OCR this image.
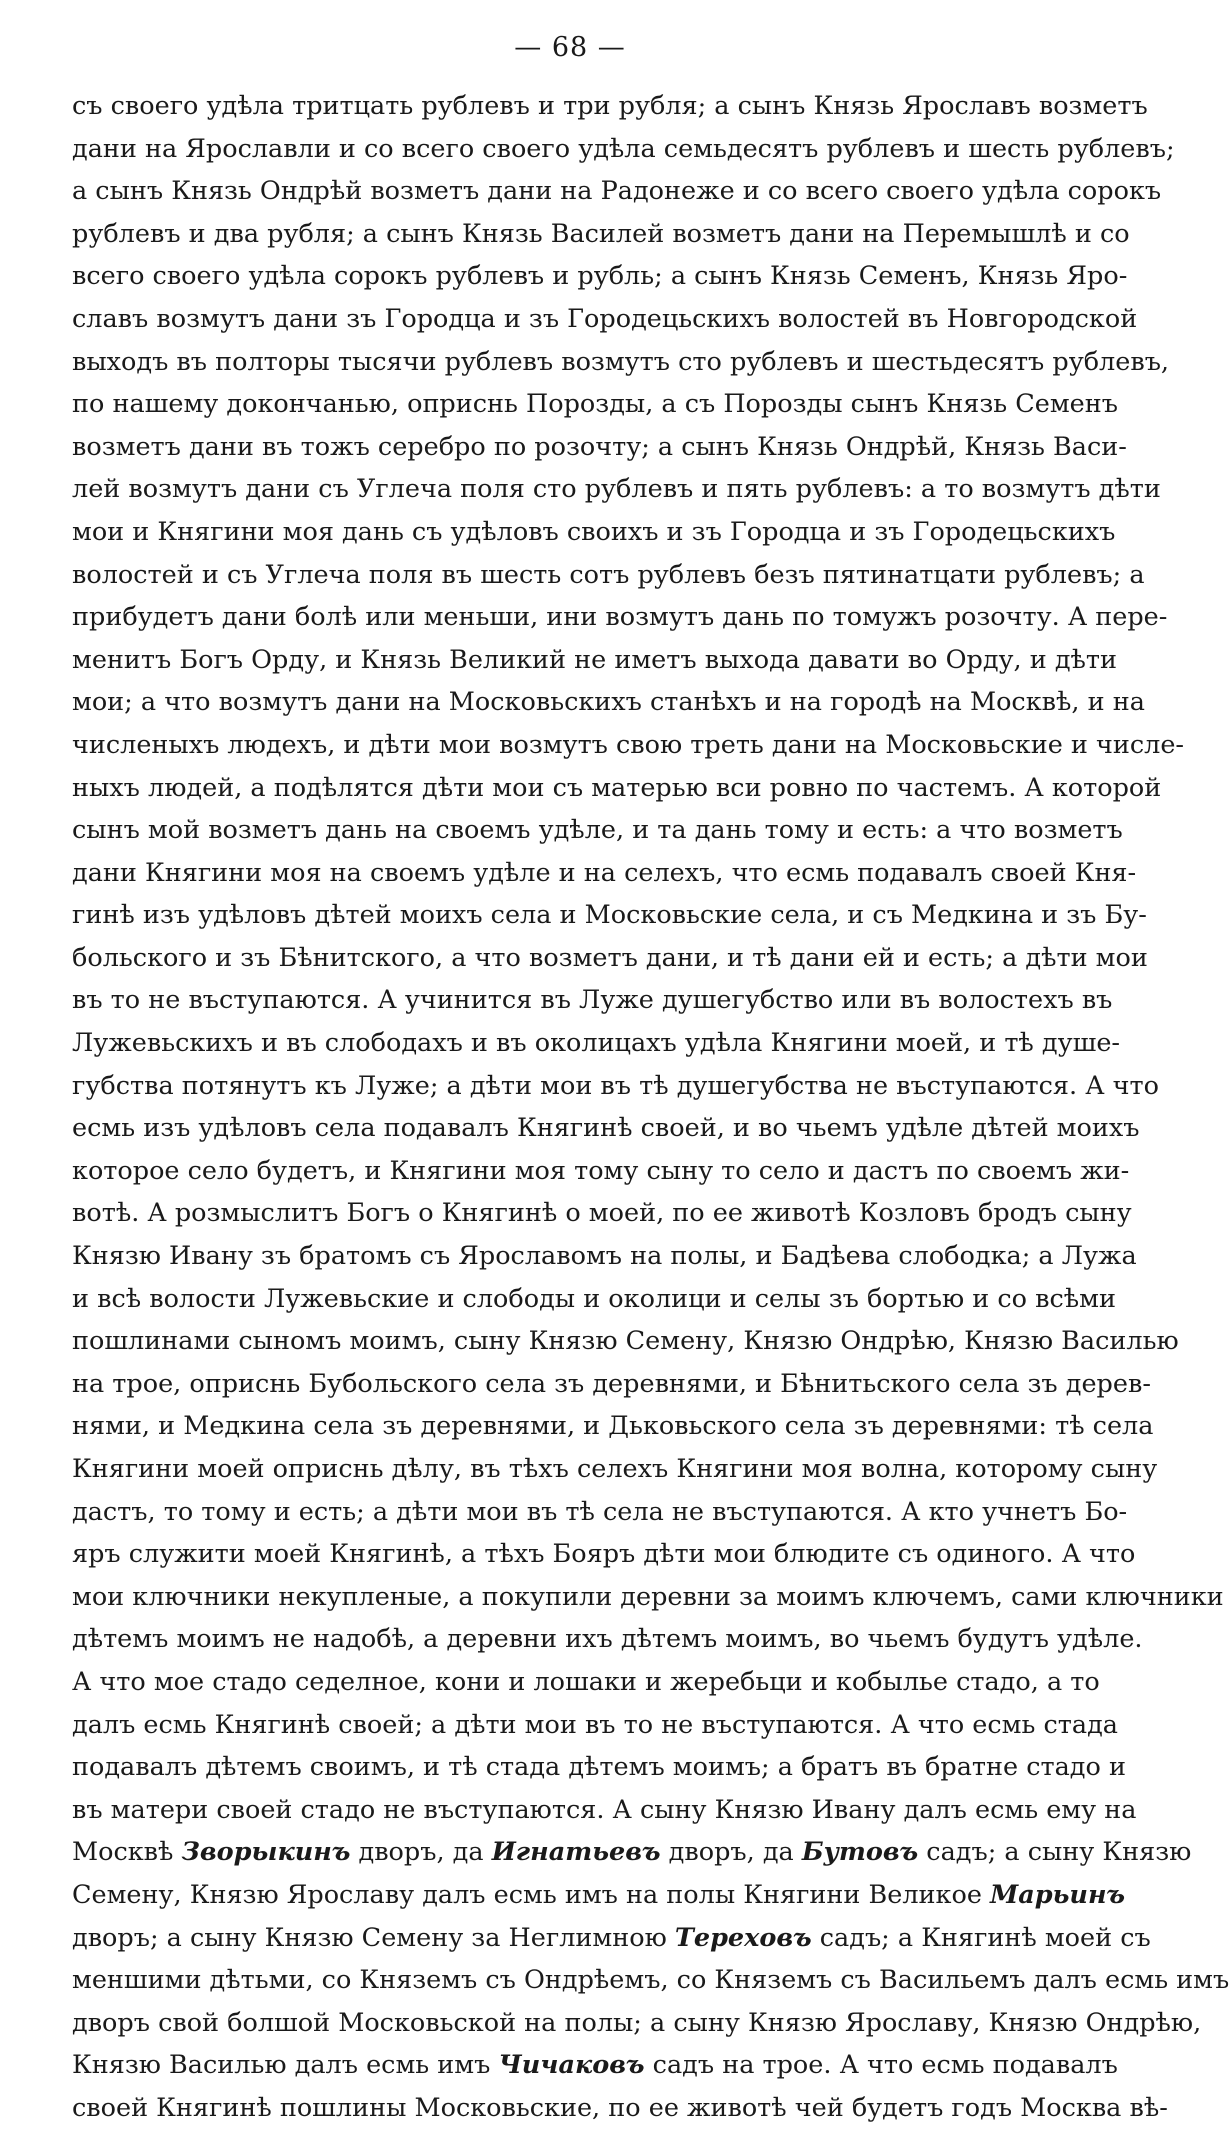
— 68 —
съ своего удѣла тритцать рублевъ и три рубля; а сынъ Князь Ярославъ возметъ
дани на Ярославли и со всего своего удѣла семьдесятъ рублевъ и шесть рублевъ;
а сынъ Князь Ондрѣй возметъ дани на Радонеже и со всего своего удѣла сорокъ
рублевъ и два рубля; а сынъ Князь Василей возметъ дани на Перемышлѣ и со
всего своего удѣла сорокъ рублевъ и рубль; а сынъ Князь Семенъ, Князь Яро-
славъ возмутъ дани зъ Городца и зъ Городецьскихъ волостей въ Новгородской
выходъ въ полторы тысячи рублевъ возмутъ сто рублевъ и шестьдесятъ рублевъ,
по нашему докончанью, оприснь Порозды, а съ Порозды сынъ Князь Семенъ
возметъ дани въ тожъ серебро по розочту; а сынъ Князь Ондрѣй, Князь Васи-
лей возмутъ дани съ Углеча поля сто рублевъ и пять рублевъ: а то возмутъ дѣти
мои и Княгини моя дань съ удѣловъ своихъ и зъ Городца и зъ Городецьскихъ
волостей и съ Углеча поля въ шесть сотъ рублевъ безъ пятинатцати рублевъ; а
прибудетъ дани болѣ или меньши, ини возмутъ дань по томужъ розочту. А пере-
менитъ Богъ Орду, и Князь Великий не иметъ выхода давати во Орду, и дѣти
мои; а что возмутъ дани на Московьскихъ станѣхъ и на городѣ на Москвѣ, и на
численыхъ людехъ, и дѣти мои возмутъ свою треть дани на Московьские и числе-
ныхъ людей, а подѣлятся дѣти мои съ матерью вси ровно по частемъ. А которой
сынъ мой возметъ дань на своемъ удѣле, и та дань тому и есть: а что возметъ
дани Княгини моя на своемъ удѣле и на селехъ, что есмь подавалъ своей Кня-
гинѣ изъ удѣловъ дѣтей моихъ села и Московьские села, и съ Медкина и зъ Бу-
больского и зъ Бѣнитского, а что возметъ дани, и тѣ дани ей и есть; а дѣти мои
въ то не въступаются. А учинится въ Луже душегубство или въ волостехъ въ
Лужевьскихъ и въ слободахъ и въ околицахъ удѣла Княгини моей, и тѣ душе-
губства потянутъ къ Луже; а дѣти мои въ тѣ душегубства не въступаются. А что
есмь изъ удѣловъ села подавалъ Княгинѣ своей, и во чьемъ удѣле дѣтей моихъ
которое село будетъ, и Княгини моя тому сыну то село и дастъ по своемъ жи-
вотѣ. А розмыслитъ Богъ о Княгинѣ о моей, по ее животѣ Козловъ бродъ сыну
Князю Ивану зъ братомъ съ Ярославомъ на полы, и Бадѣева слободка; а Лужа
и всѣ волости Лужевьские и слободы и околици и селы зъ бортью и со всѣми
пошлинами сыномъ моимъ, сыну Князю Семену, Князю Ондрѣю, Князю Василью
на трое, оприснь Бубольского села зъ деревнями, и Бѣнитьского села зъ дерев-
нями, и Медкина села зъ деревнями, и Дьковьского села зъ деревнями: тѣ села
Княгини моей оприснь дѣлу, въ тѣхъ селехъ Княгини моя волна, которому сыну
дастъ, то тому и есть; а дѣти мои въ тѣ села не въступаются. А кто учнетъ Бо-
яръ служити моей Княгинѣ, а тѣхъ Бояръ дѣти мои блюдите съ одиного. А что
мои ключники некупленые, а покупили деревни за моимъ ключемъ, сами ключники
дѣтемъ моимъ не надобѣ, а деревни ихъ дѣтемъ моимъ, во чьемъ будутъ удѣле.
А что мое стадо седелное, кони и лошаки и жеребьци и кобылье стадо, а то
далъ есмь Княгинѣ своей; а дѣти мои въ то не въступаются. А что есмь стада
подавалъ дѣтемъ своимъ, и тѣ стада дѣтемъ моимъ; а братъ въ братне стадо и
въ матери своей стадо не въступаются. А сыну Князю Ивану далъ есмь ему на
Москвѣ Зворыкинъ дворъ, да Игнатьевъ дворъ, да Бутовъ садъ; а сыну Князю
Семену, Князю Ярославу далъ есмь имъ на полы Княгини Великое Марьинъ
дворъ; а сыну Князю Семену за Неглимною Тереховъ садъ; а Княгинѣ моей съ
меншими дѣтьми, со Княземъ съ Ондрѣемъ, со Княземъ съ Васильемъ далъ есмь имъ
дворъ свой болшой Московьской на полы; а сыну Князю Ярославу, Князю Ондрѣю,
Князю Василью далъ есмь имъ Чичаковъ садъ на трое. А что есмь подавалъ
своей Княгинѣ пошлины Московьские, по ее животѣ чей будетъ годъ Москва вѣ-
